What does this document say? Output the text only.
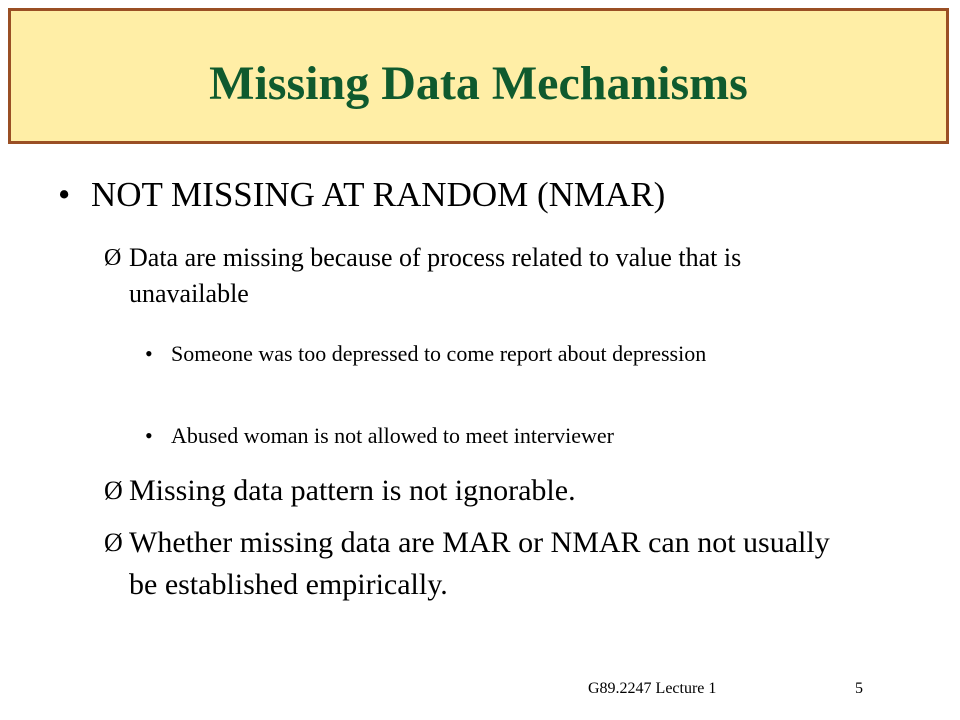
Missing Data Mechanisms
• NOT MISSING AT RANDOM (NMAR)
Ø Data are missing because of process related to value that is unavailable
• Someone was too depressed to come report about depression
• Abused woman is not allowed to meet interviewer
Ø Missing data pattern is not ignorable.
Ø Whether missing data are MAR or NMAR can not usually be established empirically.
G89.2247 Lecture 1	5
